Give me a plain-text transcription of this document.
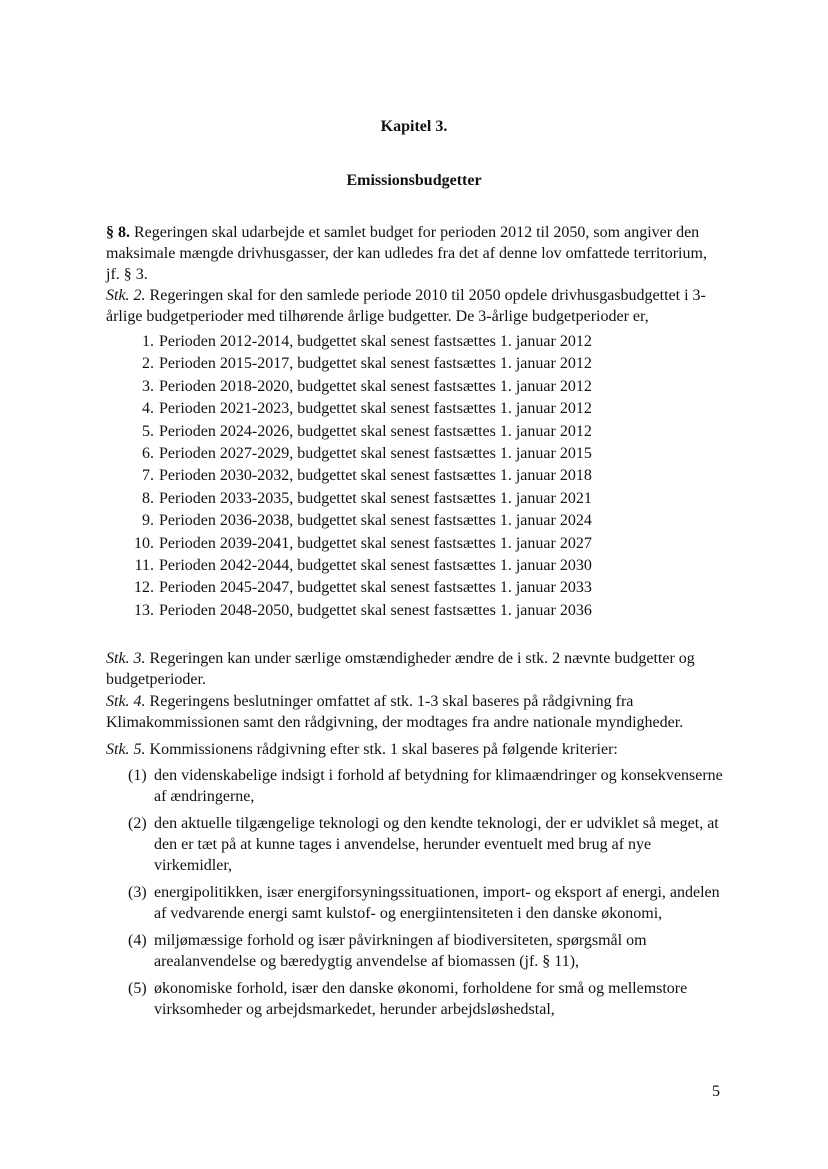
Kapitel 3.
Emissionsbudgetter
§ 8. Regeringen skal udarbejde et samlet budget for perioden 2012 til 2050, som angiver den maksimale mængde drivhusgasser, der kan udledes fra det af denne lov omfattede territorium, jf. § 3.
Stk. 2. Regeringen skal for den samlede periode 2010 til 2050 opdele drivhusgasbudgettet i 3-årlige budgetperioder med tilhørende årlige budgetter. De 3-årlige budgetperioder er,
1. Perioden 2012-2014, budgettet skal senest fastsættes 1. januar 2012
2. Perioden 2015-2017, budgettet skal senest fastsættes 1. januar 2012
3. Perioden 2018-2020, budgettet skal senest fastsættes 1. januar 2012
4. Perioden 2021-2023, budgettet skal senest fastsættes 1. januar 2012
5. Perioden 2024-2026, budgettet skal senest fastsættes 1. januar 2012
6. Perioden 2027-2029, budgettet skal senest fastsættes 1. januar 2015
7. Perioden 2030-2032, budgettet skal senest fastsættes 1. januar 2018
8. Perioden 2033-2035, budgettet skal senest fastsættes 1. januar 2021
9. Perioden 2036-2038, budgettet skal senest fastsættes 1. januar 2024
10. Perioden 2039-2041, budgettet skal senest fastsættes 1. januar 2027
11. Perioden 2042-2044, budgettet skal senest fastsættes 1. januar 2030
12. Perioden 2045-2047, budgettet skal senest fastsættes 1. januar 2033
13. Perioden 2048-2050, budgettet skal senest fastsættes 1. januar 2036
Stk. 3. Regeringen kan under særlige omstændigheder ændre de i stk. 2 nævnte budgetter og budgetperioder.
Stk. 4. Regeringens beslutninger omfattet af stk. 1-3 skal baseres på rådgivning fra Klimakommissionen samt den rådgivning, der modtages fra andre nationale myndigheder.
Stk. 5. Kommissionens rådgivning efter stk. 1 skal baseres på følgende kriterier:
(1) den videnskabelige indsigt i forhold af betydning for klimaændringer og konsekvenserne af ændringerne,
(2) den aktuelle tilgængelige teknologi og den kendte teknologi, der er udviklet så meget, at den er tæt på at kunne tages i anvendelse, herunder eventuelt med brug af nye virkemidler,
(3) energipolitikken, især energiforsyningssituationen, import- og eksport af energi, andelen af vedvarende energi samt kulstof- og energiintensiteten i den danske økonomi,
(4) miljømæssige forhold og især påvirkningen af biodiversiteten, spørgsmål om arealanvendelse og bæredygtig anvendelse af biomassen (jf. § 11),
(5) økonomiske forhold, især den danske økonomi, forholdene for små og mellemstore virksomheder og arbejdsmarkedet, herunder arbejdsløshedstal,
5
